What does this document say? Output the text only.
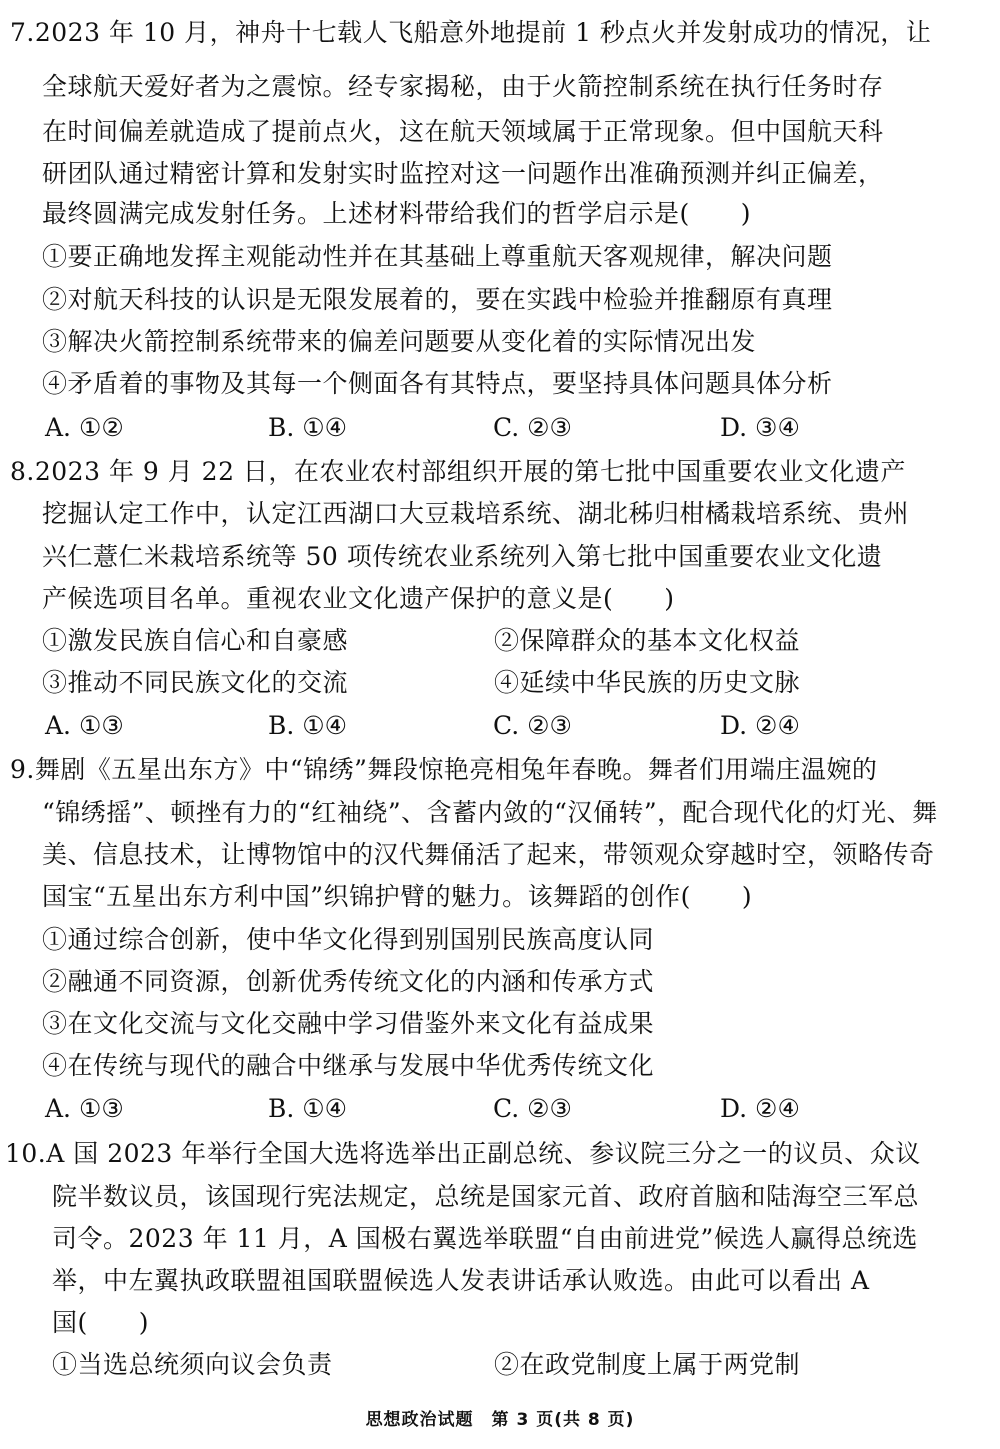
7.2023 年 10 月，神舟十七载人飞船意外地提前 1 秒点火并发射成功的情况，让
全球航天爱好者为之震惊。经专家揭秘，由于火箭控制系统在执行任务时存
在时间偏差就造成了提前点火，这在航天领域属于正常现象。但中国航天科
研团队通过精密计算和发射实时监控对这一问题作出准确预测并纠正偏差，
最终圆满完成发射任务。上述材料带给我们的哲学启示是(　　)
①要正确地发挥主观能动性并在其基础上尊重航天客观规律，解决问题
②对航天科技的认识是无限发展着的，要在实践中检验并推翻原有真理
③解决火箭控制系统带来的偏差问题要从变化着的实际情况出发
④矛盾着的事物及其每一个侧面各有其特点，要坚持具体问题具体分析
A. ①②	B. ①④	C. ②③	D. ③④
8.2023 年 9 月 22 日，在农业农村部组织开展的第七批中国重要农业文化遗产
挖掘认定工作中，认定江西湖口大豆栽培系统、湖北秭归柑橘栽培系统、贵州
兴仁薏仁米栽培系统等 50 项传统农业系统列入第七批中国重要农业文化遗
产候选项目名单。重视农业文化遗产保护的意义是(　　)
①激发民族自信心和自豪感	②保障群众的基本文化权益
③推动不同民族文化的交流	④延续中华民族的历史文脉
A. ①③	B. ①④	C. ②③	D. ②④
9.舞剧《五星出东方》中“锦绣”舞段惊艳亮相兔年春晚。舞者们用端庄温婉的
“锦绣摇”、顿挫有力的“红袖绕”、含蓄内敛的“汉俑转”，配合现代化的灯光、舞
美、信息技术，让博物馆中的汉代舞俑活了起来，带领观众穿越时空，领略传奇
国宝“五星出东方利中国”织锦护臂的魅力。该舞蹈的创作(　　)
①通过综合创新，使中华文化得到别国别民族高度认同
②融通不同资源，创新优秀传统文化的内涵和传承方式
③在文化交流与文化交融中学习借鉴外来文化有益成果
④在传统与现代的融合中继承与发展中华优秀传统文化
A. ①③	B. ①④	C. ②③	D. ②④
10.A 国 2023 年举行全国大选将选举出正副总统、参议院三分之一的议员、众议
院半数议员，该国现行宪法规定，总统是国家元首、政府首脑和陆海空三军总
司令。2023 年 11 月，A 国极右翼选举联盟“自由前进党”候选人赢得总统选
举，中左翼执政联盟祖国联盟候选人发表讲话承认败选。由此可以看出 A
国(　　)
①当选总统须向议会负责	②在政党制度上属于两党制
思想政治试题　第 3 页(共 8 页)
